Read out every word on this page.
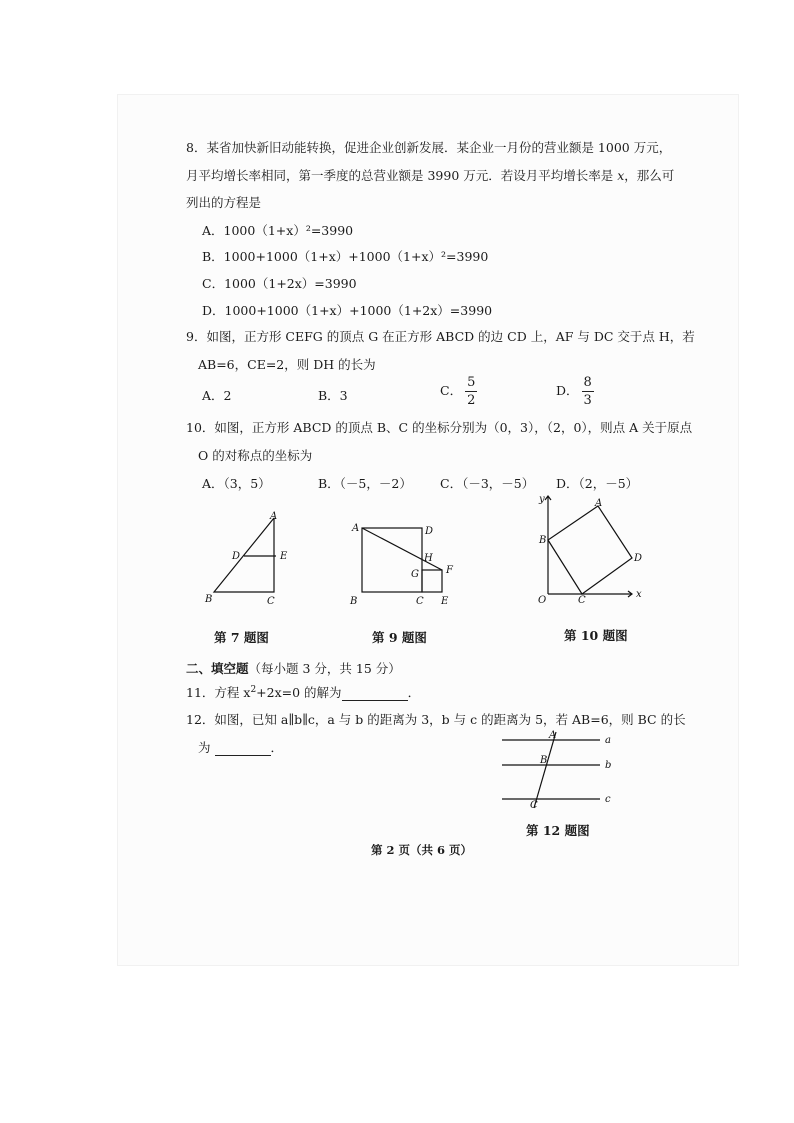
8．某省加快新旧动能转换，促进企业创新发展．某企业一月份的营业额是 1000 万元，
月平均增长率相同，第一季度的总营业额是 3990 万元．若设月平均增长率是 x，那么可
列出的方程是
A．1000（1+x）²=3990
B．1000+1000（1+x）+1000（1+x）²=3990
C．1000（1+2x）=3990
D．1000+1000（1+x）+1000（1+2x）=3990
9．如图，正方形 CEFG 的顶点 G 在正方形 ABCD 的边 CD 上，AF 与 DC 交于点 H，若
AB=6，CE=2，则 DH 的长为
A．2	B．3	C． $\frac{5}{2}$	D． $\frac{8}{3}$
10．如图，正方形 ABCD 的顶点 B、C 的坐标分别为（0，3），（2，0），则点 A 关于原点
O 的对称点的坐标为
A．（3，5）	B．（－5，－2） C．（－3，－5） D．（2，－5）
A
D	E
B	C
第 7 题图
A	D
H
G	F
B	C E
第 9 题图
y	A
B
D
O	C
x
第 10 题图
二、填空题（每小题 3 分，共 15 分）
11．方程 $x^2+2x=0$ 的解为	．
12．如图，已知 a∥b∥c，a 与 b 的距离为 3，b 与 c 的距离为 5，若 AB=6，则 BC 的长
为	．
A	a
B	b
C
c
第 12 题图
第 2 页（共 6 页）
